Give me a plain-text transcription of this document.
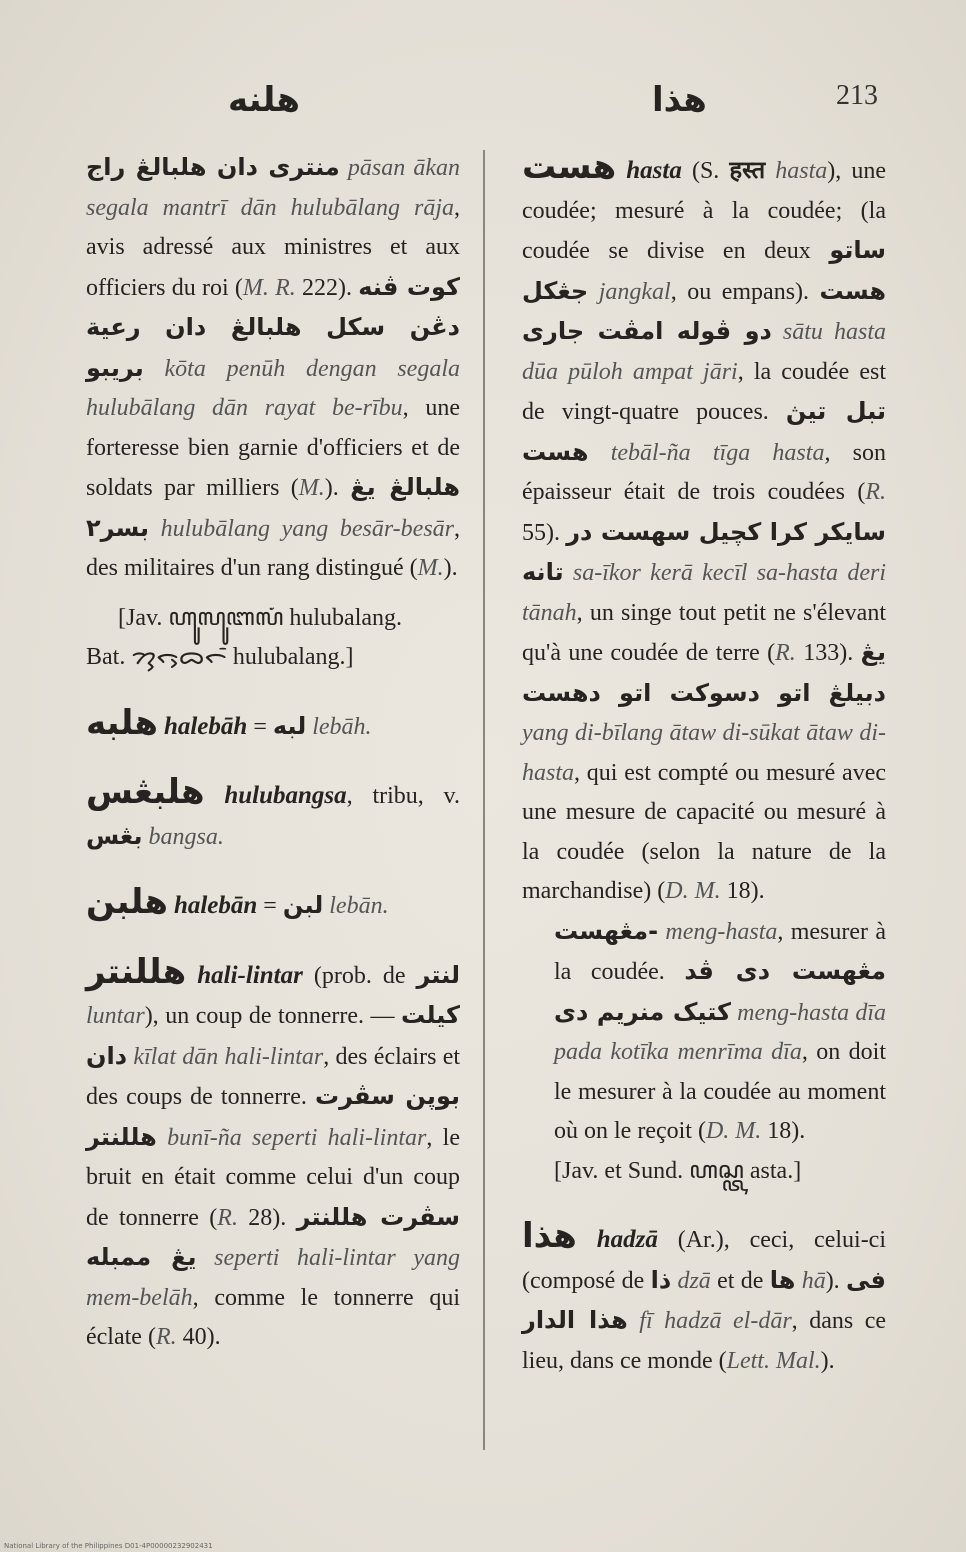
هلنه	هذا	213

منترى دان هلبالڠ راج pāsan ākan segala mantrī dān hulubālang rāja, avis adressé aux ministres et aux officiers du roi (M. R. 222). كوت ڤنه دڠن سکل هلبالڠ دان رعية بريبو kōta penūh dengan segala hulubālang dān rayat be-rību, une forteresse bien garnie d'officiers et de soldats par milliers (M.). هلبالڠ يڠ بسر٢ hulubālang yang besār-besār, des militaires d'un rang distingué (M.).

[Jav. ꦲꦸꦭꦸꦧꦭꦁ hulubalang.

Bat. ᯂᯮᯞᯮᯅᯞᯰ hulubalang.]

هلبه halebāh = لبه lebāh.

هلبڠس hulubangsa, tribu, v. بڠس bangsa.

هلبن halebān = لبن lebān.

هللنتر hali-lintar (prob. de لنتر luntar), un coup de tonnerre. — کيلت دان kīlat dān hali-lintar, des éclairs et des coups de tonnerre. بوپن سڤرت هللنتر bunī-ña seperti hali-lintar, le bruit en était comme celui d'un coup de tonnerre (R. 28). سڤرت هللنتر يڠ ممبله seperti hali-lintar yang mem-belāh, comme le tonnerre qui éclate (R. 40).

هست hasta (S. हस्त hasta), une coudée; mesuré à la coudée; (la coudée se divise en deux ساتو جڠکل jangkal, ou empans). هست دو ڤوله امڤت جاری sātu hasta dūa pūloh ampat jāri, la coudée est de vingt-quatre pouces. تبل تيڽ هست tebāl-ña tīga hasta, son épaisseur était de trois coudées (R. 55). سايکر کرا کچيل سهست در تانه sa-īkor kerā kecīl sa-hasta deri tānah, un singe tout petit ne s'élevant qu'à une coudée de terre (R. 133). يڠ دبيلڠ اتو دسوکت اتو دهست yang di-bīlang ātaw di-sūkat ātaw di-hasta, qui est compté ou mesuré avec une mesure de capacité ou mesuré à la coudée (selon la nature de la marchandise) (D. M. 18).

-مڠهست meng-hasta, mesurer à la coudée. مڠهست دی ڤد کتيک منريم دی meng-hasta dīa pada kotīka menrīma dīa, on doit le mesurer à la coudée au moment où on le reçoit (D. M. 18).

[Jav. et Sund. ꦲꦱ꧀ꦠ asta.]

هذا hadzā (Ar.), ceci, celui-ci (composé de ذا dzā et de ها hā). فى هذا الدار fī hadzā el-dār, dans ce lieu, dans ce monde (Lett. Mal.).

National Library of the Philippines D01-4P00000232902431
